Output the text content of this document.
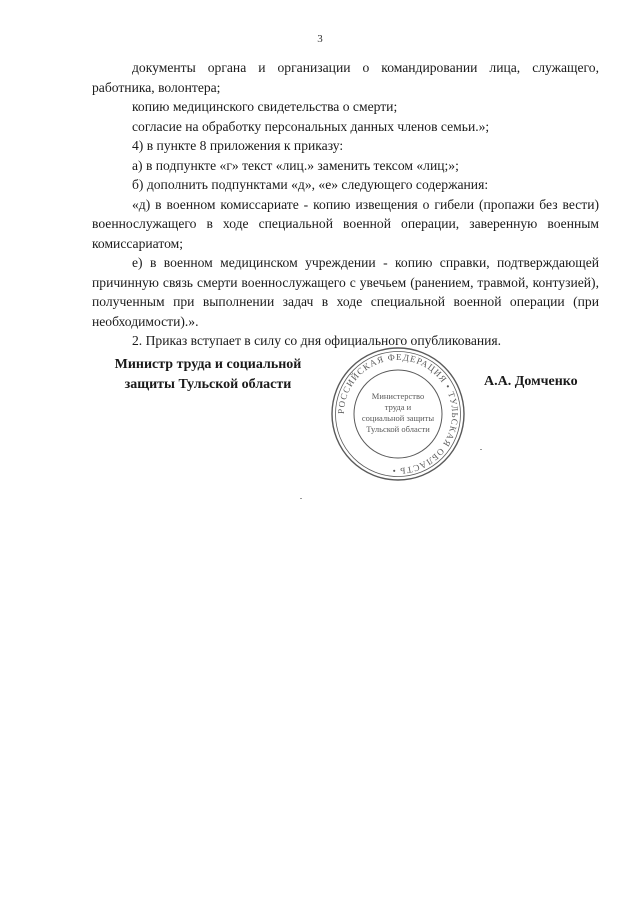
3

документы органа и организации о командировании лица, служащего, работника, волонтера;

копию медицинского свидетельства о смерти;

согласие на обработку персональных данных членов семьи.»;

4) в пункте 8 приложения к приказу:

а) в подпункте «г» текст «лиц.» заменить тексом «лиц;»;

б) дополнить подпунктами «д», «е» следующего содержания:

«д) в военном комиссариате - копию извещения о гибели (пропажи без вести) военнослужащего в ходе специальной военной операции, заверенную военным комиссариатом;

е) в военном медицинском учреждении - копию справки, подтверждающей причинную связь смерти военнослужащего с увечьем (ранением, травмой, контузией), полученным при выполнении задач в ходе специальной военной операции (при необходимости).».

2. Приказ вступает в силу со дня официального опубликования.

Министр труда и социальной
защиты Тульской области
РОССИЙСКАЯ ФЕДЕРАЦИЯ • ТУЛЬСКАЯ ОБЛАСТЬ •
Министерство
труда и
социальной защиты
Тульской области
А.А. Домченко
